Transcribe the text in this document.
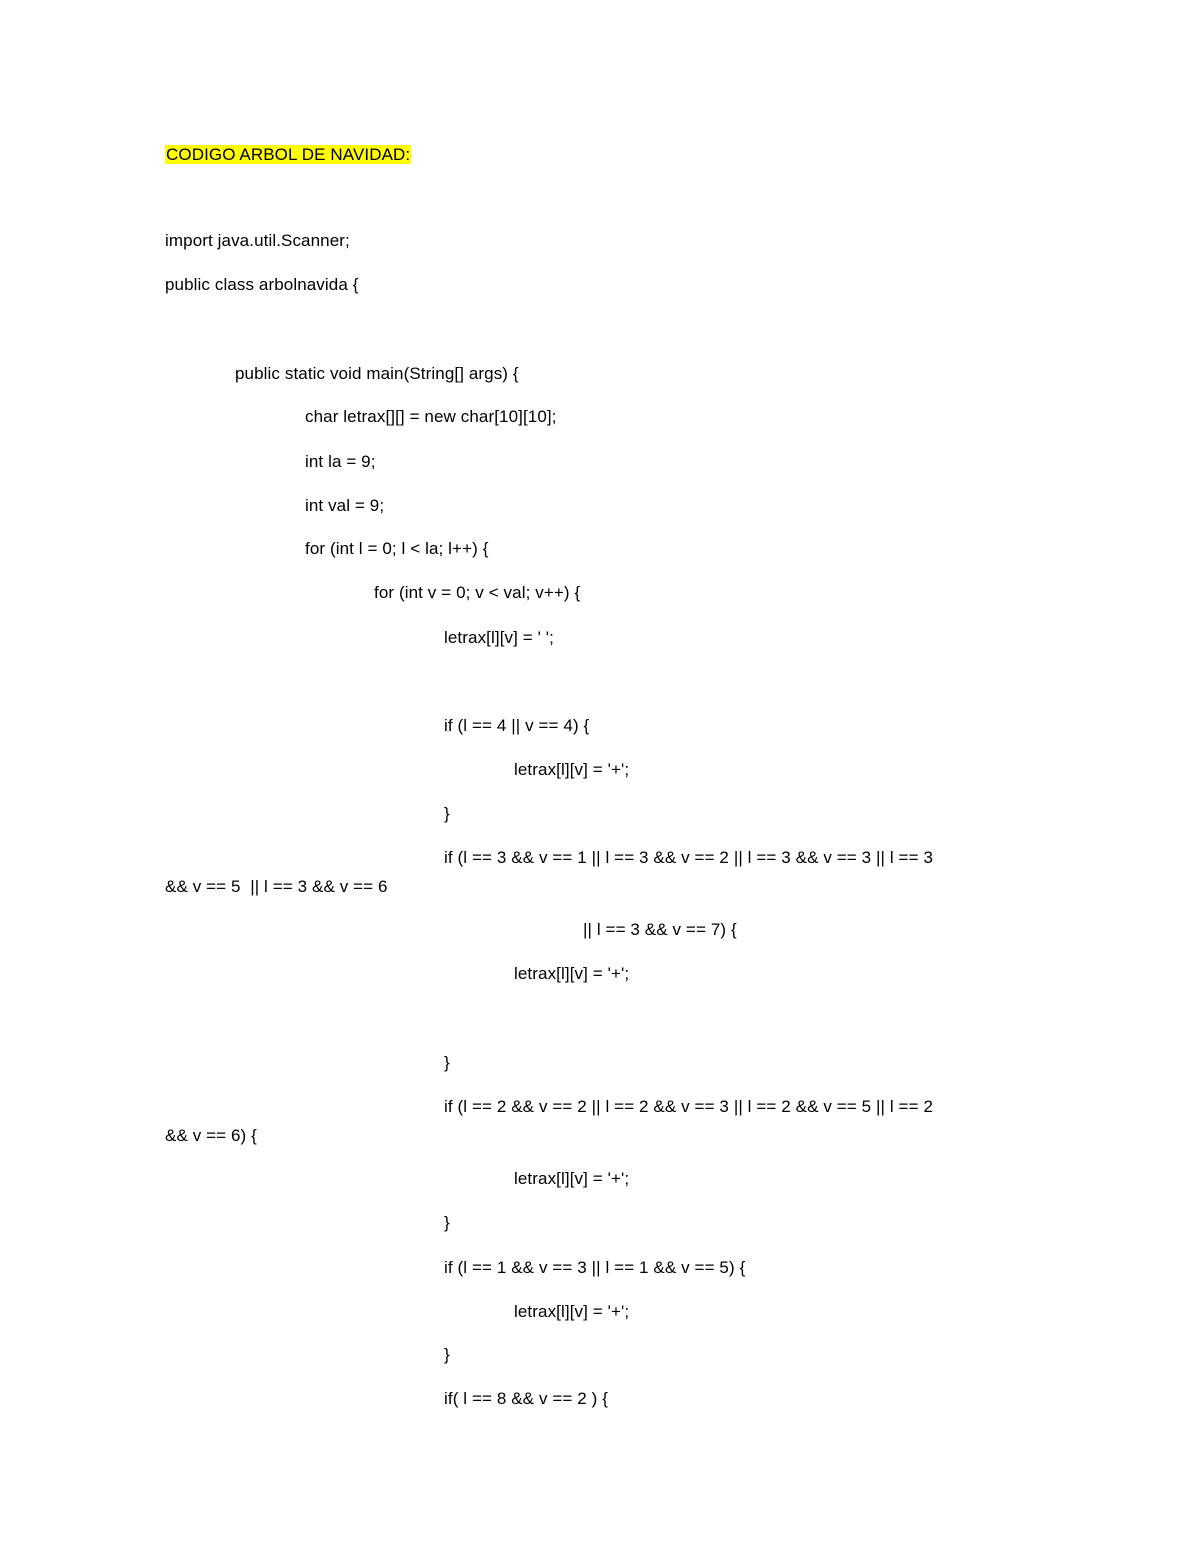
CODIGO ARBOL DE NAVIDAD:
import java.util.Scanner;
public class arbolnavida {
public static void main(String[] args) {
char letrax[][] = new char[10][10];
int la = 9;
int val = 9;
for (int l = 0; l < la; l++) {
for (int v = 0; v < val; v++) {
letrax[l][v] = ' ';
if (l == 4 || v == 4) {
letrax[l][v] = '+';
}
if (l == 3 && v == 1 || l == 3 && v == 2 || l == 3 && v == 3 || l == 3
&& v == 5  || l == 3 && v == 6
|| l == 3 && v == 7) {
letrax[l][v] = '+';
}
if (l == 2 && v == 2 || l == 2 && v == 3 || l == 2 && v == 5 || l == 2
&& v == 6) {
letrax[l][v] = '+';
}
if (l == 1 && v == 3 || l == 1 && v == 5) {
letrax[l][v] = '+';
}
if( l == 8 && v == 2 ) {
